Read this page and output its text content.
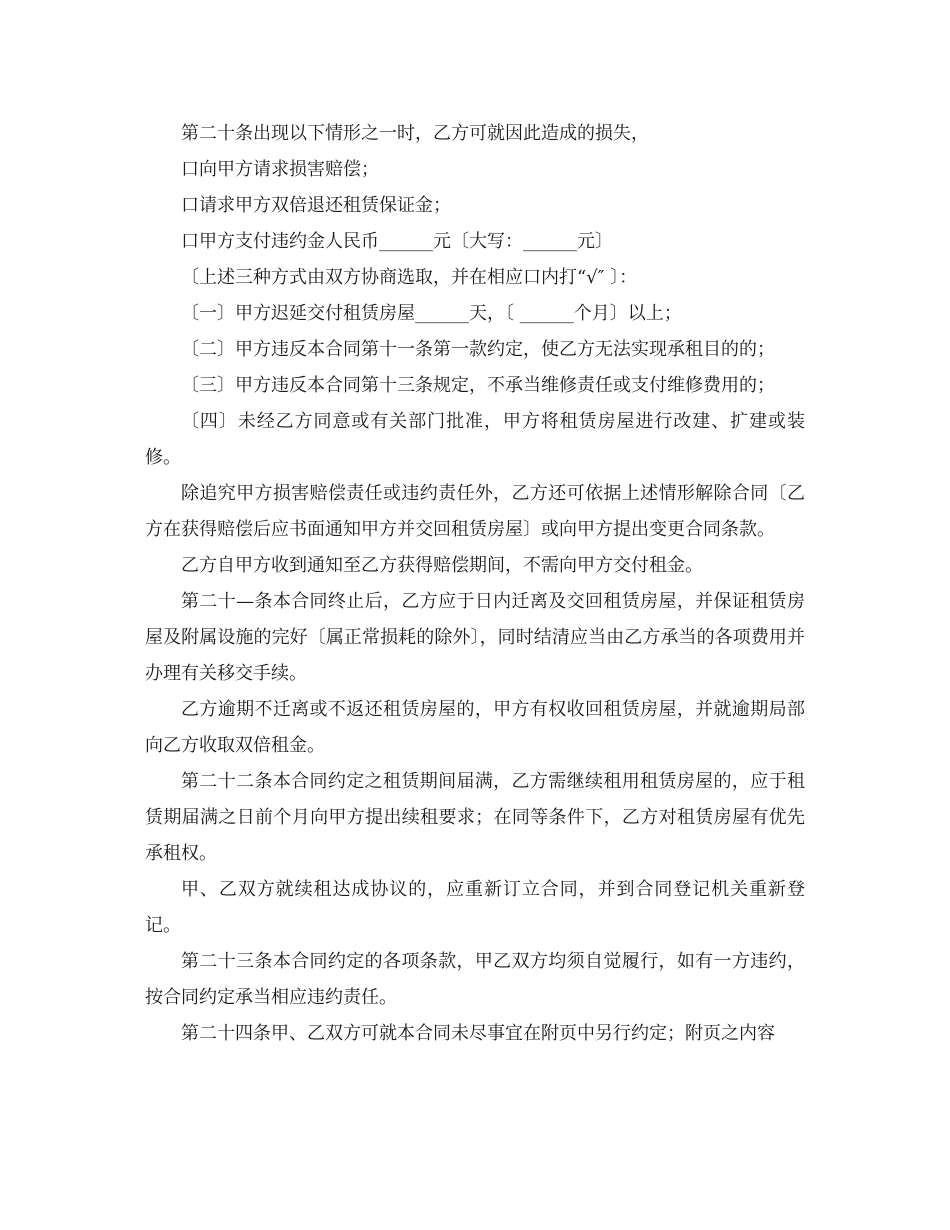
第二十条出现以下情形之一时，乙方可就因此造成的损失，

口向甲方请求损害赔偿；

口请求甲方双倍退还租赁保证金；

口甲方支付违约金人民币______元〔大写：______元〕

〔上述三种方式由双方协商选取，并在相应口内打“√″ 〕：

〔一〕甲方迟延交付租赁房屋______天，〔 ______个月〕以上；

〔二〕甲方违反本合同第十一条第一款约定，使乙方无法实现承租目的的；

〔三〕甲方违反本合同第十三条规定，不承当维修责任或支付维修费用的；

〔四〕未经乙方同意或有关部门批准，甲方将租赁房屋进行改建、扩建或装修。

除追究甲方损害赔偿责任或违约责任外，乙方还可依据上述情形解除合同〔乙方在获得赔偿后应书面通知甲方并交回租赁房屋〕或向甲方提出变更合同条款。

乙方自甲方收到通知至乙方获得赔偿期间，不需向甲方交付租金。

第二十—条本合同终止后，乙方应于日内迁离及交回租赁房屋，并保证租赁房屋及附属设施的完好〔属正常损耗的除外〕，同时结清应当由乙方承当的各项费用并办理有关移交手续。

乙方逾期不迁离或不返还租赁房屋的，甲方有权收回租赁房屋，并就逾期局部向乙方收取双倍租金。

第二十二条本合同约定之租赁期间届满，乙方需继续租用租赁房屋的，应于租赁期届满之日前个月向甲方提出续租要求；在同等条件下，乙方对租赁房屋有优先承租权。

甲、乙双方就续租达成协议的，应重新订立合同，并到合同登记机关重新登记。

第二十三条本合同约定的各项条款，甲乙双方均须自觉履行，如有一方违约，按合同约定承当相应违约责任。

第二十四条甲、乙双方可就本合同未尽事宜在附页中另行约定；附页之内容
